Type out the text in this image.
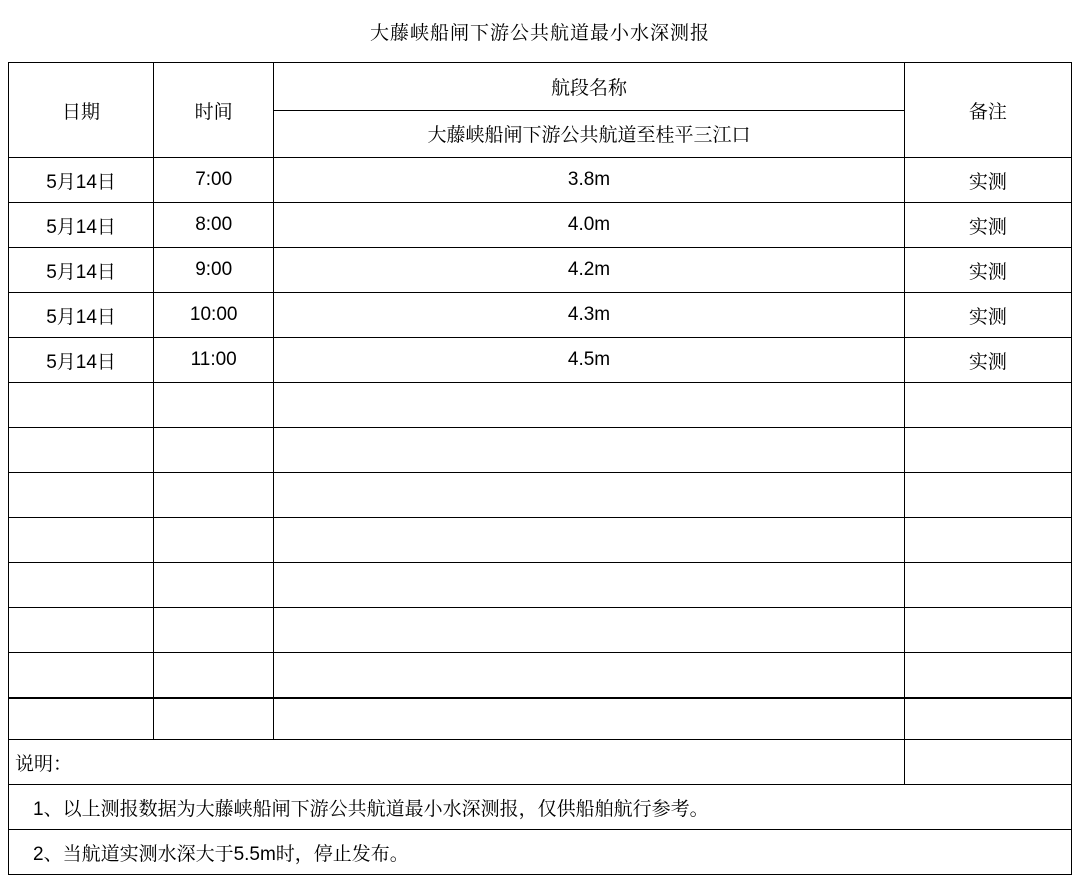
大藤峡船闸下游公共航道最小水深测报			
日期	时间	航段名称	备注
		大藤峡船闸下游公共航道至桂平三江口	
5月14日	7:00	3.8m	实测
5月14日	8:00	4.0m	实测
5月14日	9:00	4.2m	实测
5月14日	10:00	4.3m	实测
5月14日	11:00	4.5m	实测

说明：			
1、以上测报数据为大藤峡船闸下游公共航道最小水深测报，仅供船舶航行参考。			
2、当航道实测水深大于5.5m时，停止发布。			
